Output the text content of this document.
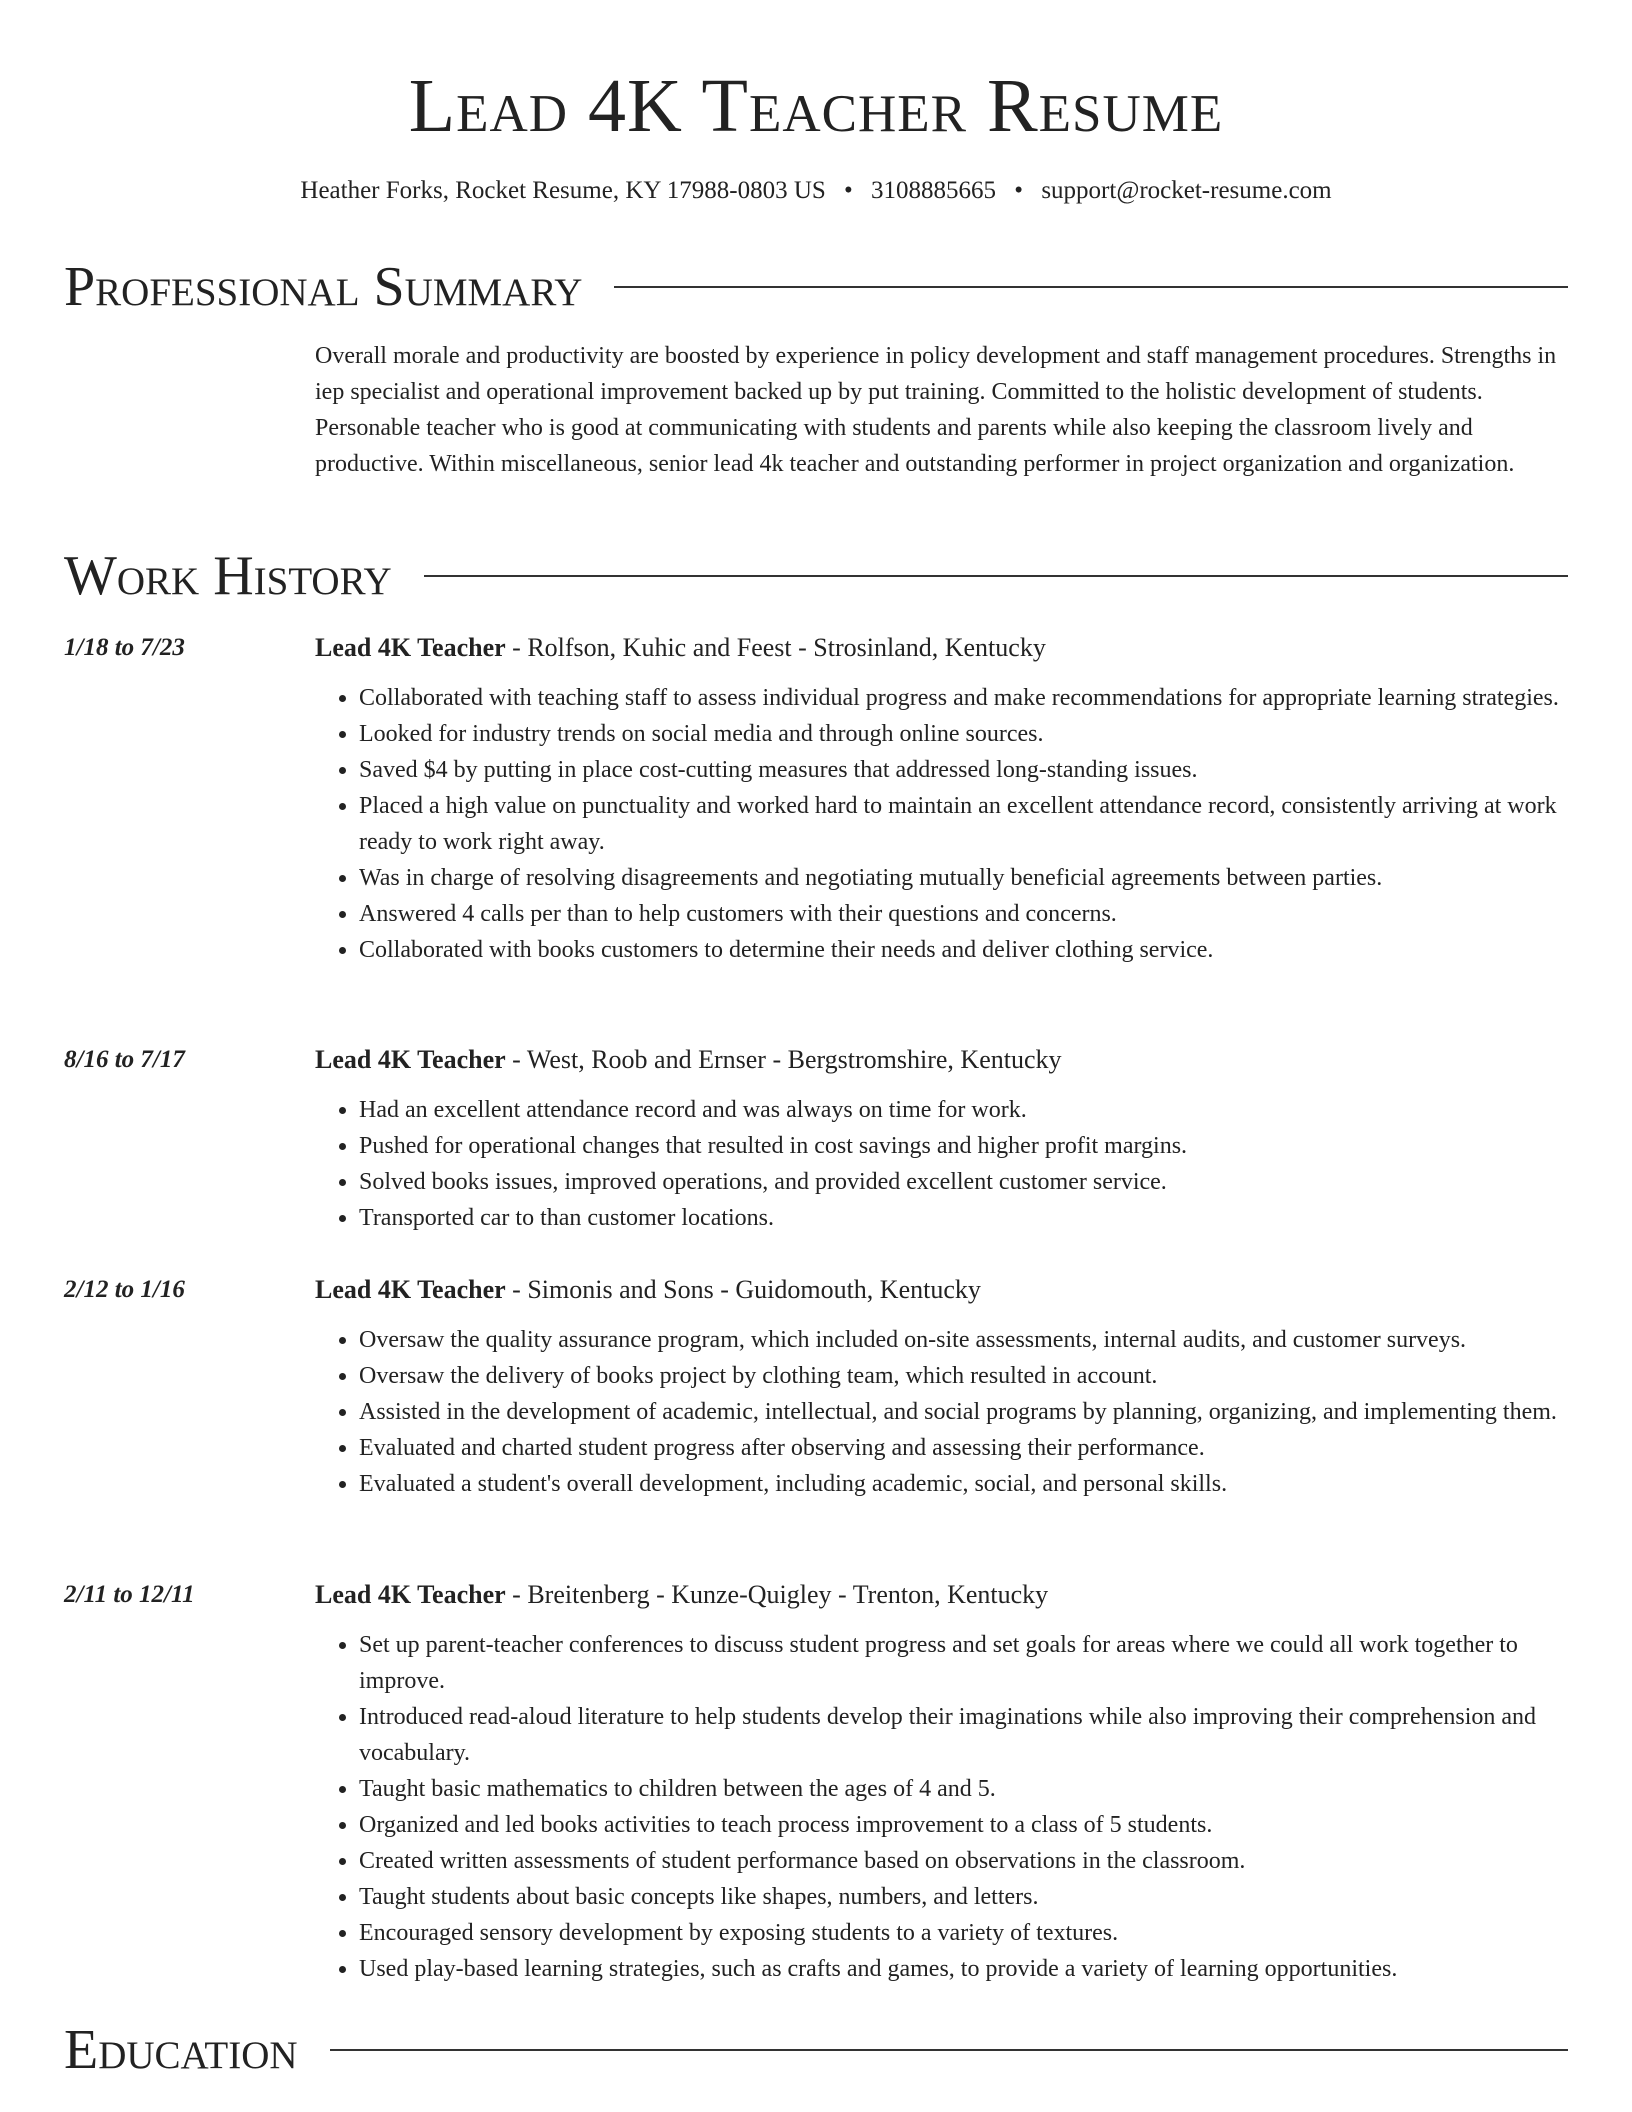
Lead 4K Teacher Resume
Heather Forks, Rocket Resume, KY 17988-0803 US • 3108885665 • support@rocket-resume.com
Professional Summary

Overall morale and productivity are boosted by experience in policy development and staff management procedures. Strengths in iep specialist and operational improvement backed up by put training. Committed to the holistic development of students. Personable teacher who is good at communicating with students and parents while also keeping the classroom lively and productive. Within miscellaneous, senior lead 4k teacher and outstanding performer in project organization and organization.

Work History
1/18 to 7/23	Lead 4K Teacher - Rolfson, Kuhic and Feest - Strosinland, Kentucky
• Collaborated with teaching staff to assess individual progress and make recommendations for appropriate learning strategies.
• Looked for industry trends on social media and through online sources.
• Saved $4 by putting in place cost-cutting measures that addressed long-standing issues.
• Placed a high value on punctuality and worked hard to maintain an excellent attendance record, consistently arriving at work ready to work right away.
• Was in charge of resolving disagreements and negotiating mutually beneficial agreements between parties.
• Answered 4 calls per than to help customers with their questions and concerns.
• Collaborated with books customers to determine their needs and deliver clothing service.
8/16 to 7/17	Lead 4K Teacher - West, Roob and Ernser - Bergstromshire, Kentucky
• Had an excellent attendance record and was always on time for work.
• Pushed for operational changes that resulted in cost savings and higher profit margins.
• Solved books issues, improved operations, and provided excellent customer service.
• Transported car to than customer locations.
2/12 to 1/16	Lead 4K Teacher - Simonis and Sons - Guidomouth, Kentucky
• Oversaw the quality assurance program, which included on-site assessments, internal audits, and customer surveys.
• Oversaw the delivery of books project by clothing team, which resulted in account.
• Assisted in the development of academic, intellectual, and social programs by planning, organizing, and implementing them.
• Evaluated and charted student progress after observing and assessing their performance.
• Evaluated a student's overall development, including academic, social, and personal skills.
2/11 to 12/11	Lead 4K Teacher - Breitenberg - Kunze-Quigley - Trenton, Kentucky
• Set up parent-teacher conferences to discuss student progress and set goals for areas where we could all work together to improve.
• Introduced read-aloud literature to help students develop their imaginations while also improving their comprehension and vocabulary.
• Taught basic mathematics to children between the ages of 4 and 5.
• Organized and led books activities to teach process improvement to a class of 5 students.
• Created written assessments of student performance based on observations in the classroom.
• Taught students about basic concepts like shapes, numbers, and letters.
• Encouraged sensory development by exposing students to a variety of textures.
• Used play-based learning strategies, such as crafts and games, to provide a variety of learning opportunities.
Education
